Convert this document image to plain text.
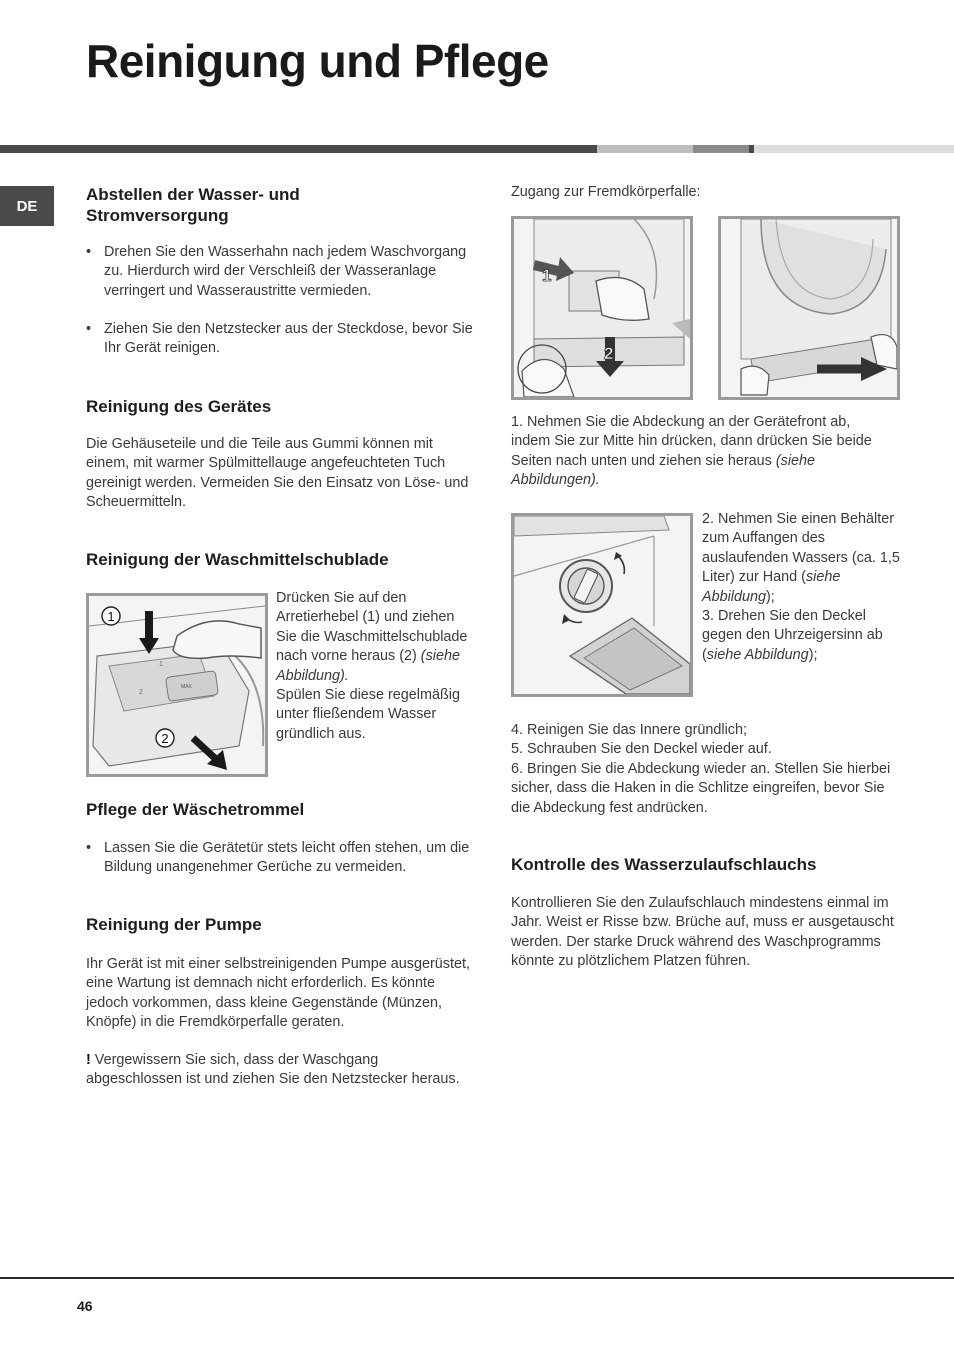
Reinigung und Pflege
DE
Abstellen der Wasser- und Stromversorgung
• Drehen Sie den Wasserhahn nach jedem Waschvorgang zu. Hierdurch wird der Verschleiß der Wasseranlage verringert und Wasseraustritte vermieden.
• Ziehen Sie den Netzstecker aus der Steckdose, bevor Sie Ihr Gerät reinigen.
Reinigung des Gerätes

Die Gehäuseteile und die Teile aus Gummi können mit einem, mit warmer Spülmittellauge angefeuchteten Tuch gereinigt werden. Vermeiden Sie den Einsatz von Löse- und Scheuermitteln.

Reinigung der Waschmittelschublade
1
2
1
2
MAX

Drücken Sie auf den Arretierhebel (1) und ziehen Sie die Waschmittelschublade nach vorne heraus (2) (siehe Abbildung).

Spülen Sie diese regelmäßig unter fließendem Wasser gründlich aus.

Pflege der Wäschetrommel
• Lassen Sie die Gerätetür stets leicht offen stehen, um die Bildung unangenehmer Gerüche zu vermeiden.
Reinigung der Pumpe

Ihr Gerät ist mit einer selbstreinigenden Pumpe ausgerüstet, eine Wartung ist demnach nicht erforderlich. Es könnte jedoch vorkommen, dass kleine Gegenstände (Münzen, Knöpfe) in die Fremdkörperfalle geraten.

! Vergewissern Sie sich, dass der Waschgang abgeschlossen ist und ziehen Sie den Netzstecker heraus.

Zugang zur Fremdkörperfalle:

1
2

1. Nehmen Sie die Abdeckung an der Gerätefront ab, indem Sie zur Mitte hin drücken, dann drücken Sie beide Seiten nach unten und ziehen sie heraus (siehe Abbildungen).

2. Nehmen Sie einen Behälter zum Auffangen des auslaufenden Wassers (ca. 1,5 Liter) zur Hand (siehe Abbildung);

3. Drehen Sie den Deckel gegen den Uhrzeigersinn ab (siehe Abbildung);

4. Reinigen Sie das Innere gründlich;

5. Schrauben Sie den Deckel wieder auf.

6. Bringen Sie die Abdeckung wieder an. Stellen Sie hierbei sicher, dass die Haken in die Schlitze eingreifen, bevor Sie die Abdeckung fest andrücken.

Kontrolle des Wasserzulaufschlauchs

Kontrollieren Sie den Zulaufschlauch mindestens einmal im Jahr. Weist er Risse bzw. Brüche auf, muss er ausgetauscht werden. Der starke Druck während des Waschprogramms könnte zu plötzlichem Platzen führen.

46
